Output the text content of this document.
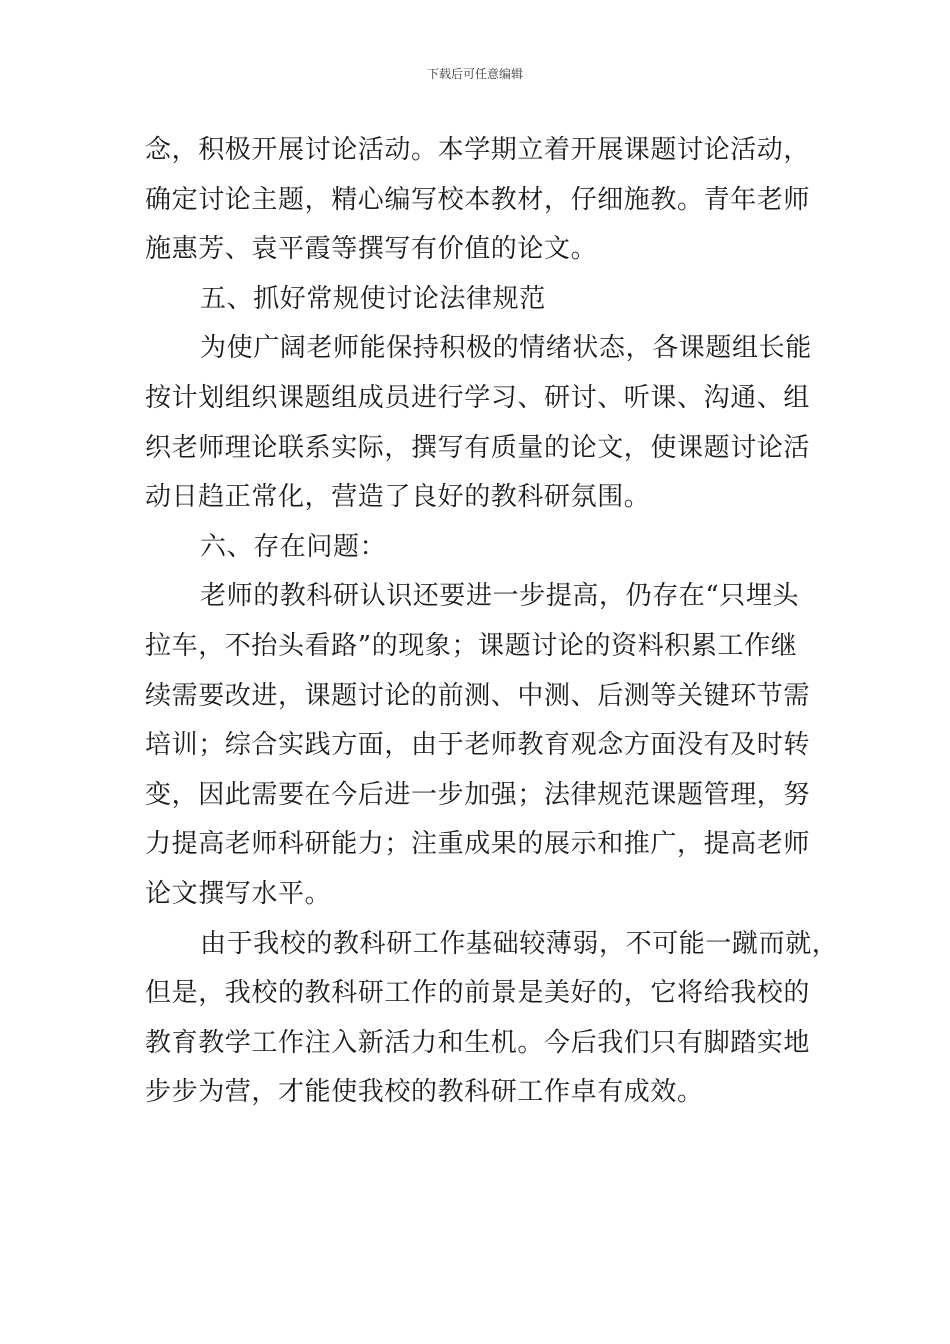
下载后可任意编辑
念，积极开展讨论活动。本学期立着开展课题讨论活动，
确定讨论主题，精心编写校本教材，仔细施教。青年老师
施惠芳、袁平霞等撰写有价值的论文。
五、抓好常规使讨论法律规范
为使广阔老师能保持积极的情绪状态，各课题组长能
按计划组织课题组成员进行学习、研讨、听课、沟通、组
织老师理论联系实际，撰写有质量的论文，使课题讨论活
动日趋正常化，营造了良好的教科研氛围。
六、存在问题：
老师的教科研认识还要进一步提高，仍存在“只埋头
拉车，不抬头看路”的现象；课题讨论的资料积累工作继
续需要改进，课题讨论的前测、中测、后测等关键环节需
培训；综合实践方面，由于老师教育观念方面没有及时转
变，因此需要在今后进一步加强；法律规范课题管理，努
力提高老师科研能力；注重成果的展示和推广，提高老师
论文撰写水平。
由于我校的教科研工作基础较薄弱，不可能一蹴而就，
但是，我校的教科研工作的前景是美好的，它将给我校的
教育教学工作注入新活力和生机。今后我们只有脚踏实地
步步为营，才能使我校的教科研工作卓有成效。
